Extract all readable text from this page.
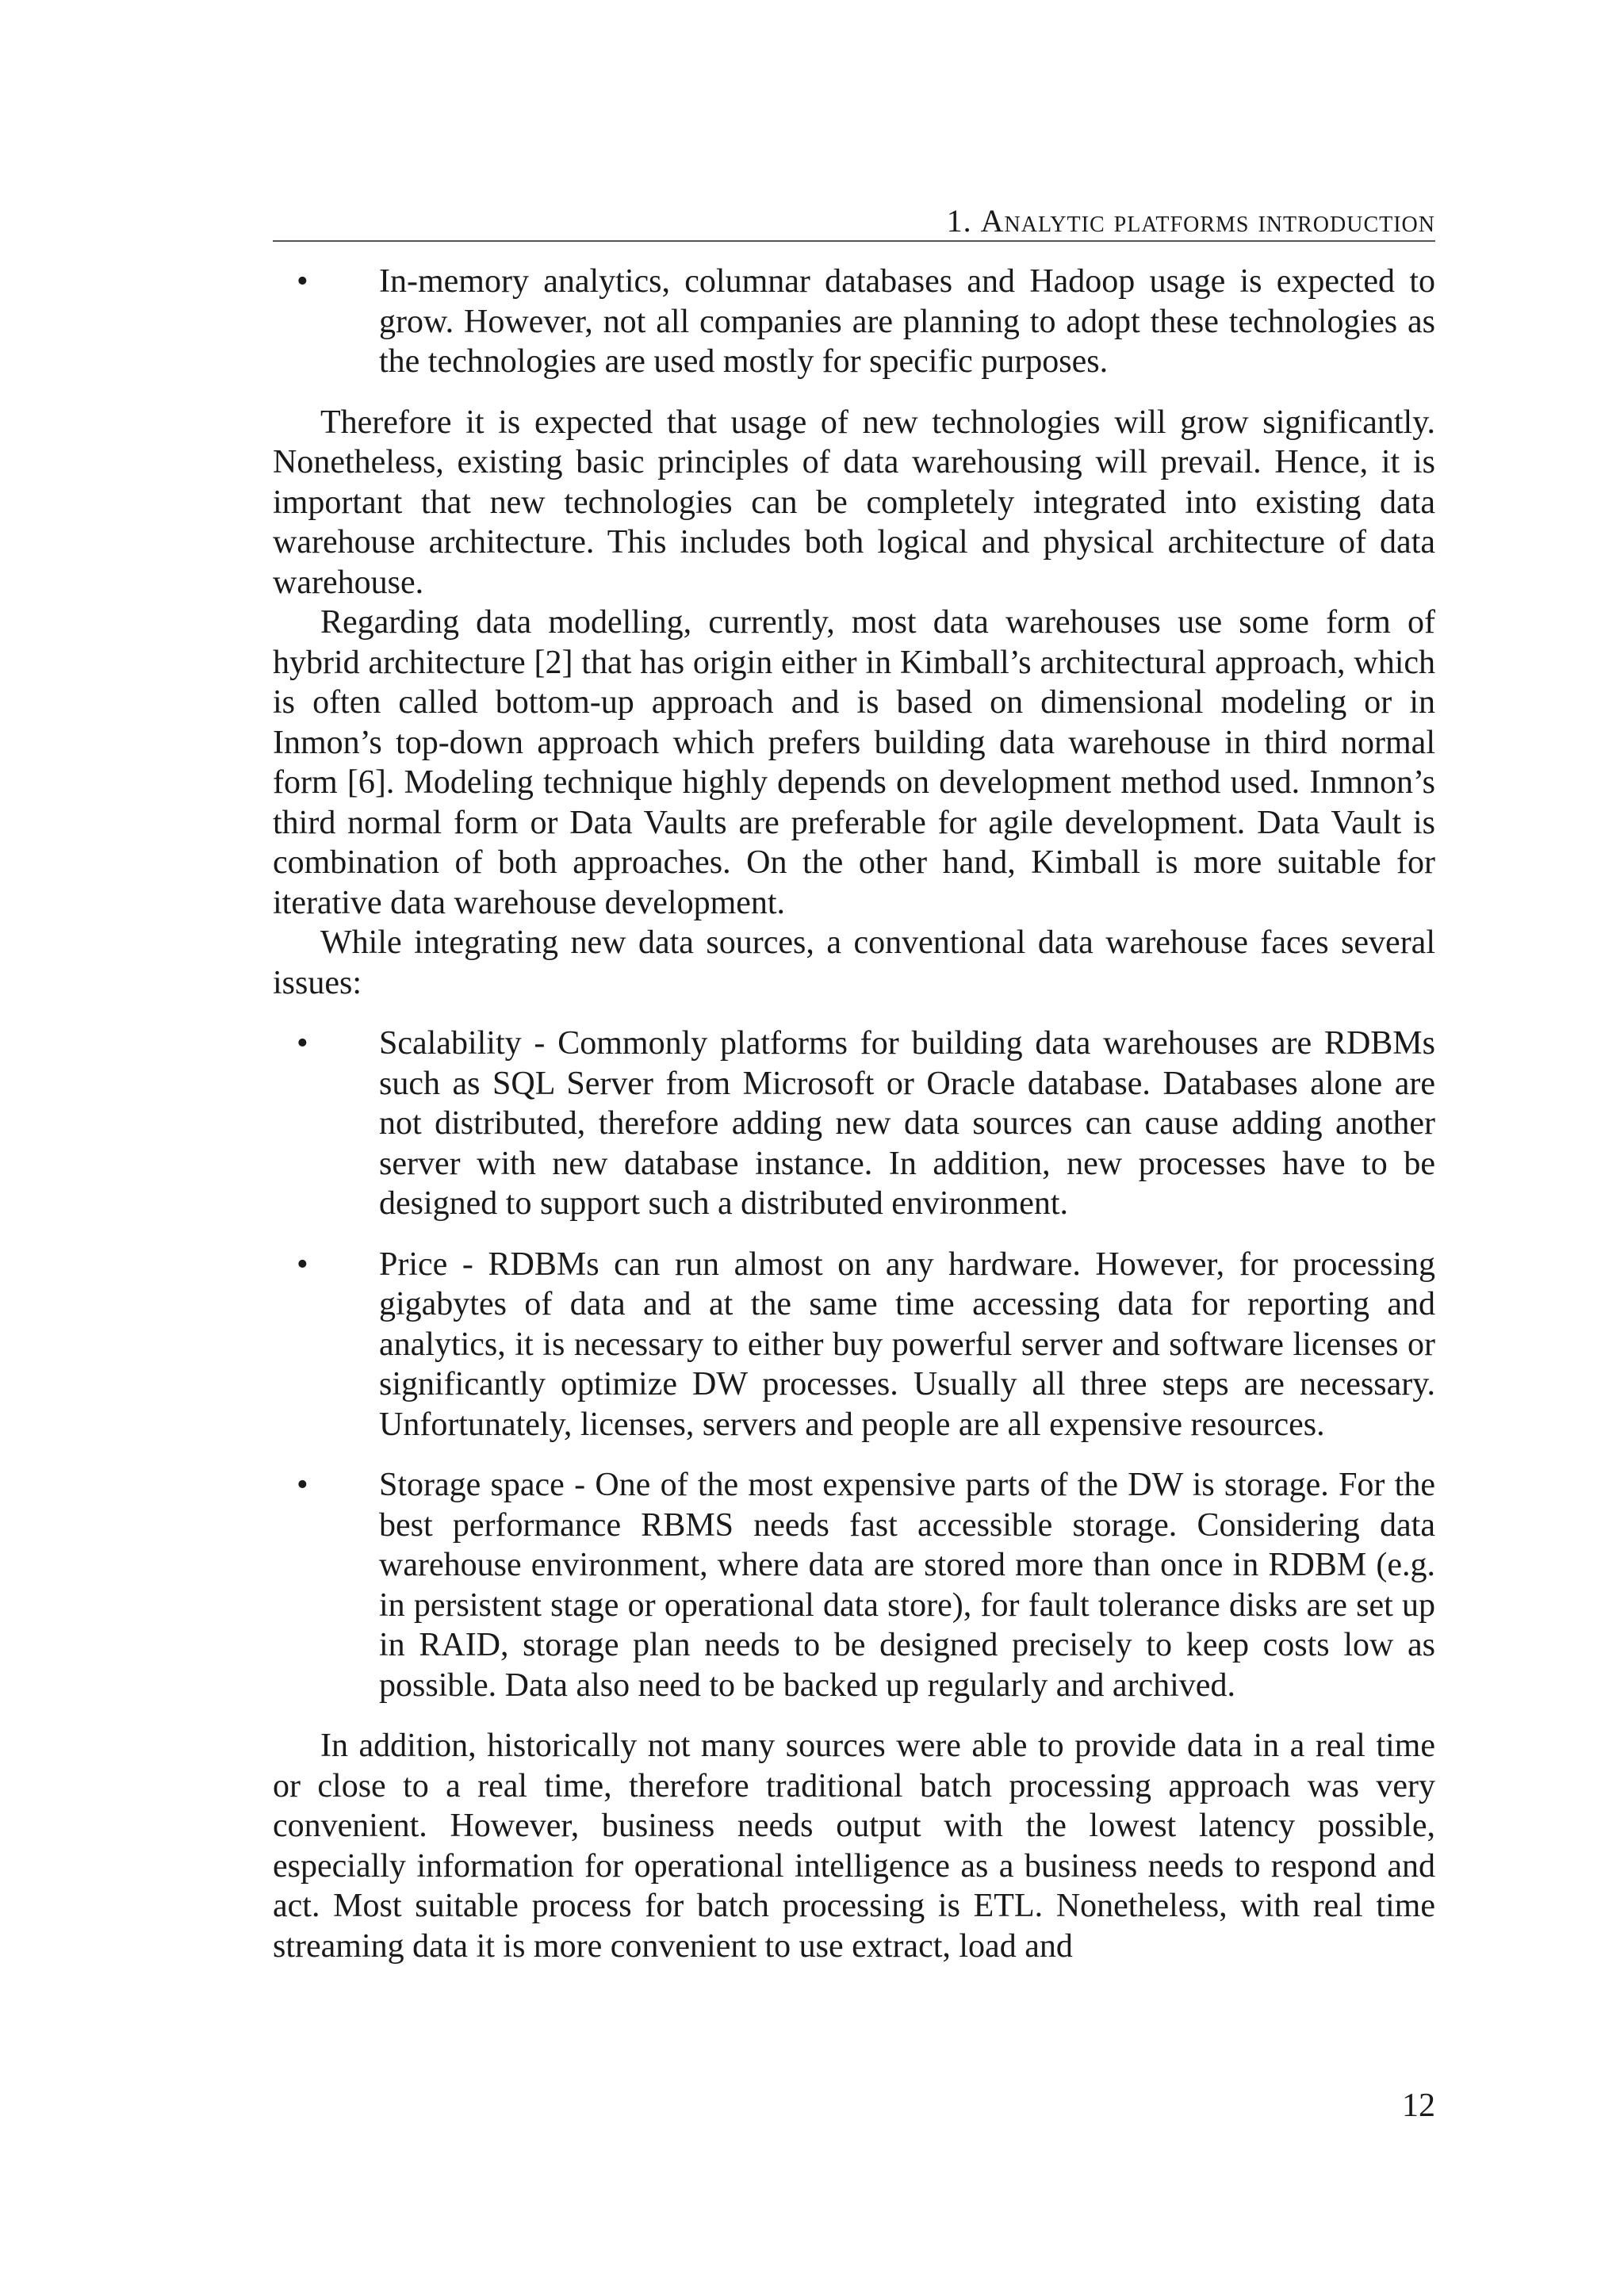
1. Analytic platforms introduction
• In-memory analytics, columnar databases and Hadoop usage is expected to grow. However, not all companies are planning to adopt these technologies as the technologies are used mostly for specific purposes.

Therefore it is expected that usage of new technologies will grow significantly. Nonetheless, existing basic principles of data warehousing will prevail. Hence, it is important that new technologies can be completely integrated into existing data warehouse architecture. This includes both logical and physical architecture of data warehouse.

Regarding data modelling, currently, most data warehouses use some form of hybrid architecture [2] that has origin either in Kimball’s architectural approach, which is often called bottom-up approach and is based on dimensional modeling or in Inmon’s top-down approach which prefers building data warehouse in third normal form [6]. Modeling technique highly depends on development method used. Inmnon’s third normal form or Data Vaults are preferable for agile development. Data Vault is combination of both approaches. On the other hand, Kimball is more suitable for iterative data warehouse development.

While integrating new data sources, a conventional data warehouse faces several issues:

• Scalability - Commonly platforms for building data warehouses are RDBMs such as SQL Server from Microsoft or Oracle database. Databases alone are not distributed, therefore adding new data sources can cause adding another server with new database instance. In addition, new processes have to be designed to support such a distributed environment.
• Price - RDBMs can run almost on any hardware. However, for processing gigabytes of data and at the same time accessing data for reporting and analytics, it is necessary to either buy powerful server and software licenses or significantly optimize DW processes. Usually all three steps are necessary. Unfortunately, licenses, servers and people are all expensive resources.
• Storage space - One of the most expensive parts of the DW is storage. For the best performance RBMS needs fast accessible storage. Considering data warehouse environment, where data are stored more than once in RDBM (e.g. in persistent stage or operational data store), for fault tolerance disks are set up in RAID, storage plan needs to be designed precisely to keep costs low as possible. Data also need to be backed up regularly and archived.

In addition, historically not many sources were able to provide data in a real time or close to a real time, therefore traditional batch processing approach was very convenient. However, business needs output with the lowest latency possible, especially information for operational intelligence as a business needs to respond and act. Most suitable process for batch processing is ETL. Nonetheless, with real time streaming data it is more convenient to use extract, load and

12
